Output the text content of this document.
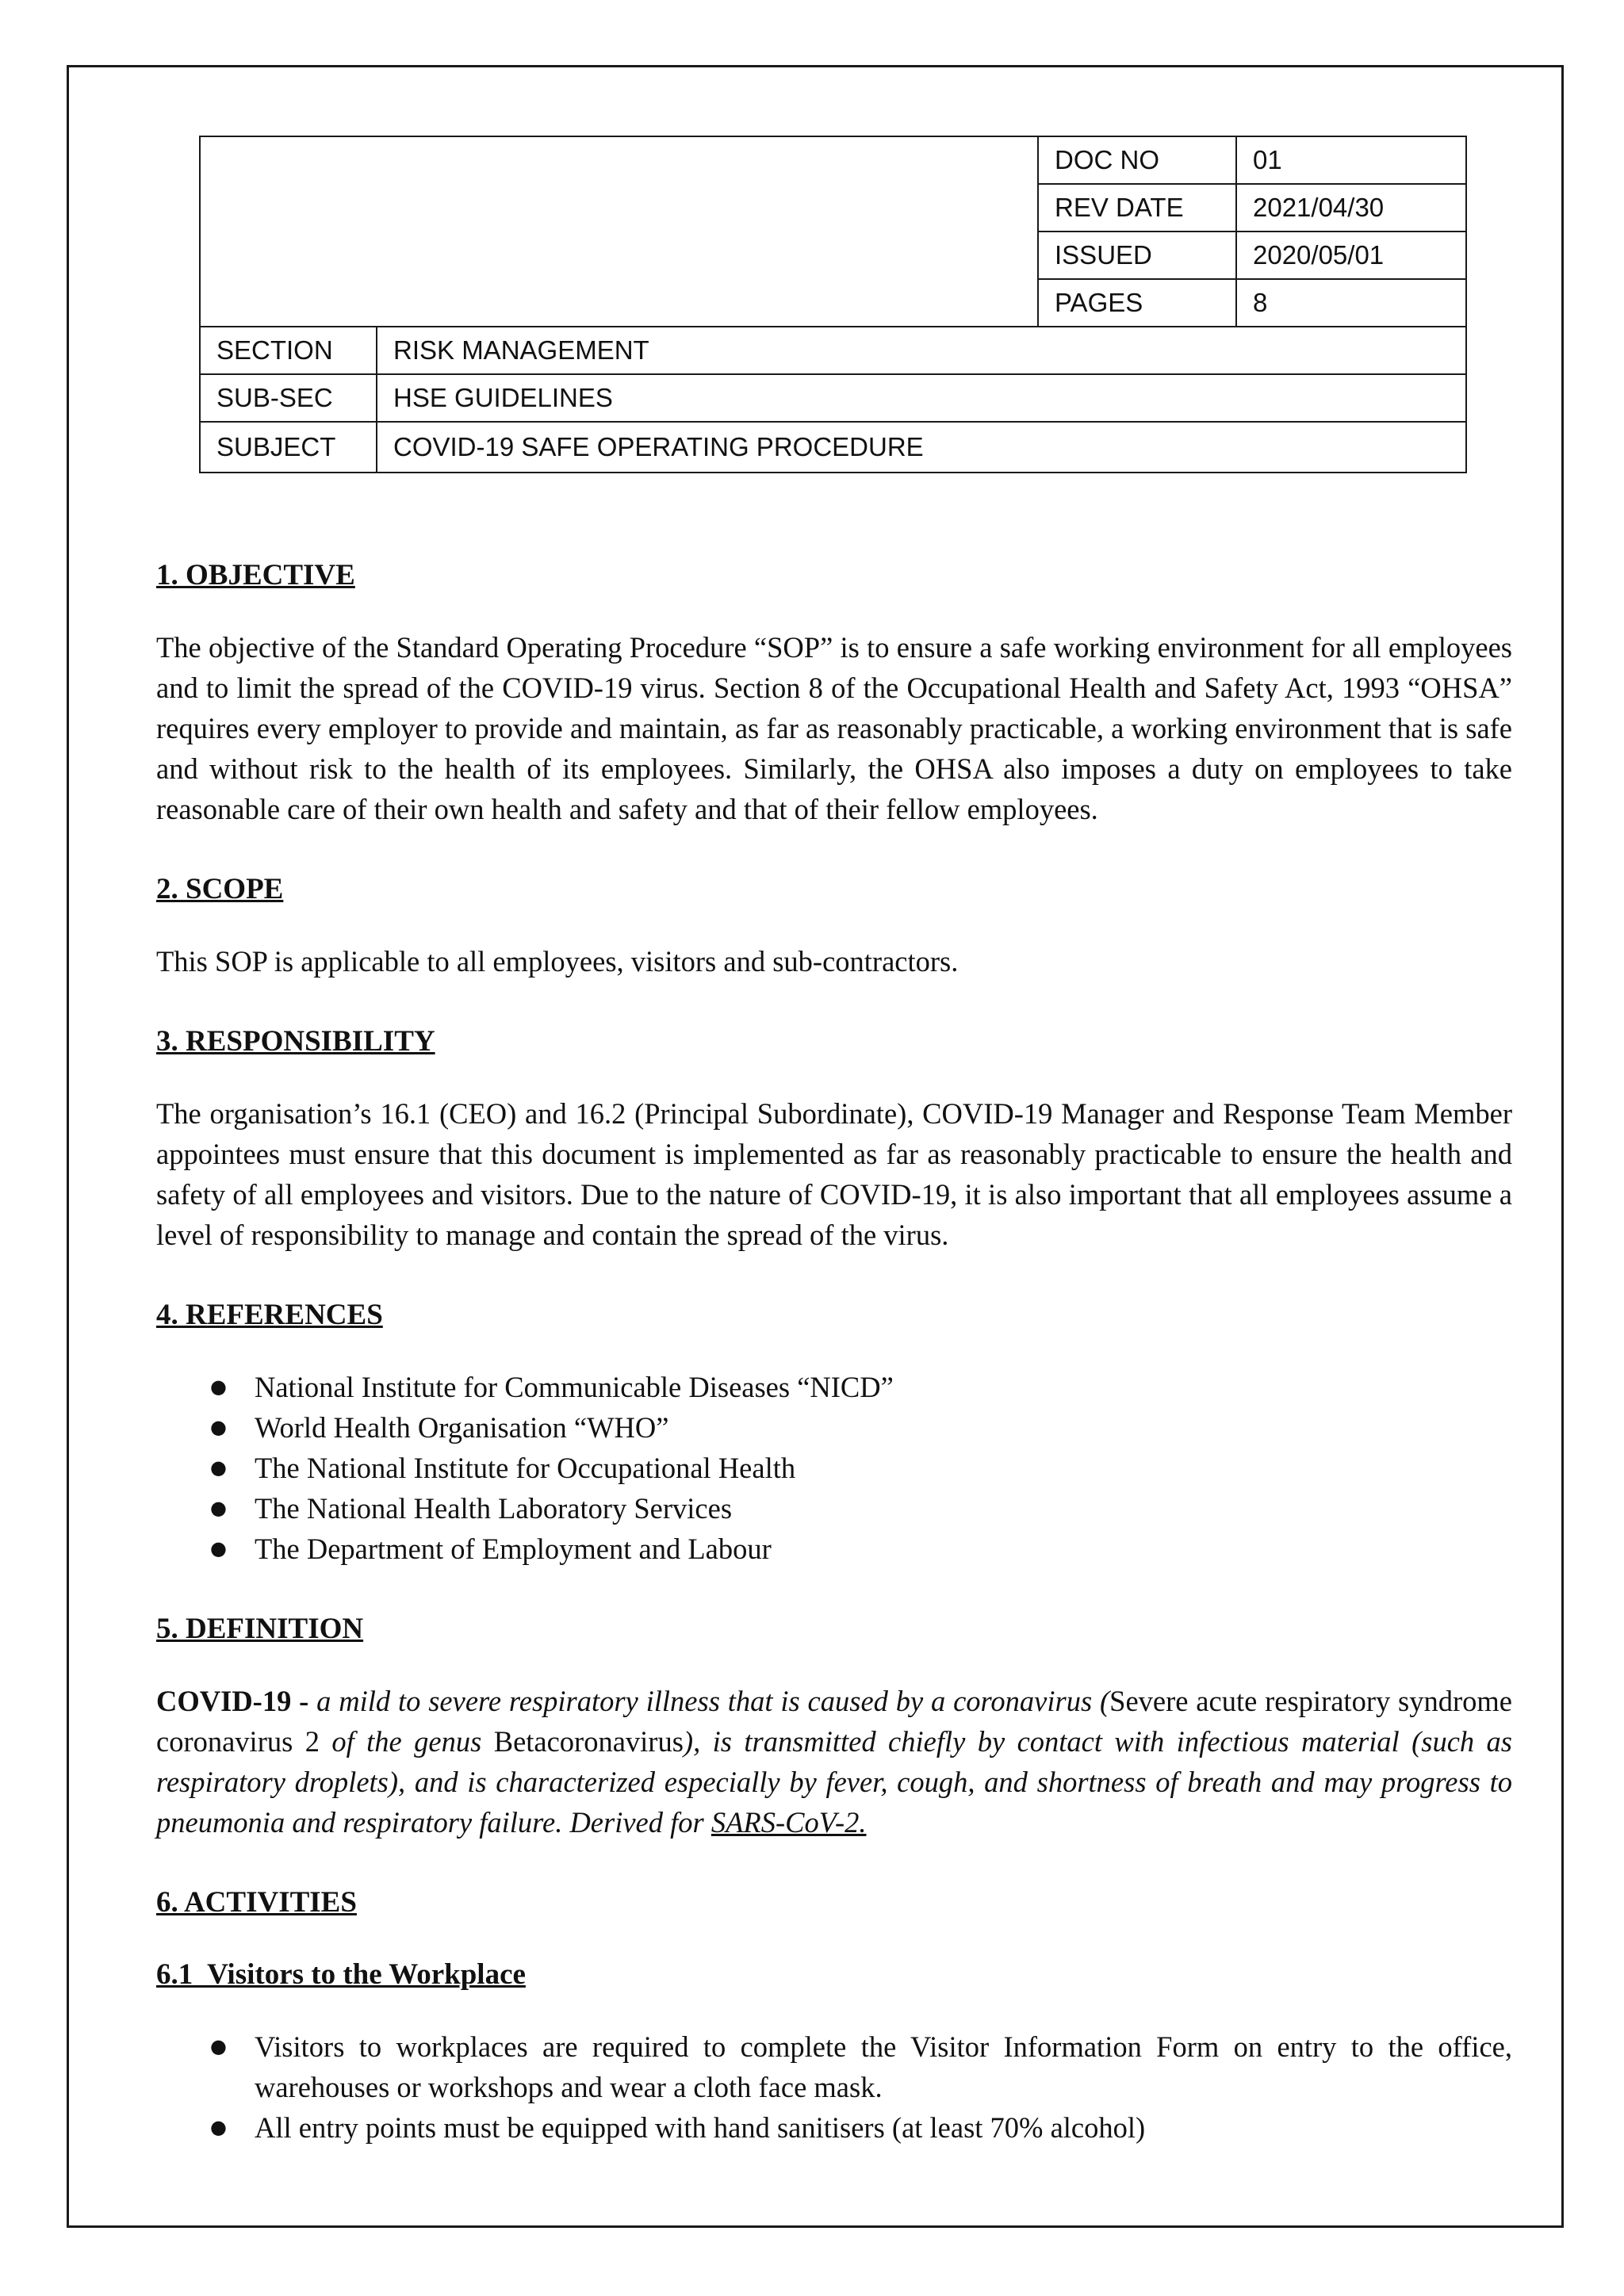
		DOC NO	01
		REV DATE	2021/04/30
		ISSUED	2020/05/01
		PAGES	8
SECTION	RISK MANAGEMENT		
SUB-SEC	HSE GUIDELINES		
SUBJECT	COVID-19 SAFE OPERATING PROCEDURE		

1. OBJECTIVE

The objective of the Standard Operating Procedure “SOP” is to ensure a safe working environment for all employees and to limit the spread of the COVID-19 virus. Section 8 of the Occupational Health and Safety Act, 1993 “OHSA” requires every employer to provide and maintain, as far as reasonably practicable, a working environment that is safe and without risk to the health of its employees. Similarly, the OHSA also imposes a duty on employees to take reasonable care of their own health and safety and that of their fellow employees.

2. SCOPE

This SOP is applicable to all employees, visitors and sub-contractors.

3. RESPONSIBILITY

The organisation’s 16.1 (CEO) and 16.2 (Principal Subordinate), COVID-19 Manager and Response Team Member appointees must ensure that this document is implemented as far as reasonably practicable to ensure the health and safety of all employees and visitors. Due to the nature of COVID-19, it is also important that all employees assume a level of responsibility to manage and contain the spread of the virus.

4. REFERENCES

● National Institute for Communicable Diseases “NICD”
● World Health Organisation “WHO”
● The National Institute for Occupational Health
● The National Health Laboratory Services
● The Department of Employment and Labour

5. DEFINITION

COVID-19 - a mild to severe respiratory illness that is caused by a coronavirus (Severe acute respiratory syndrome coronavirus 2 of the genus Betacoronavirus), is transmitted chiefly by contact with infectious material (such as respiratory droplets), and is characterized especially by fever, cough, and shortness of breath and may progress to pneumonia and respiratory failure. Derived for SARS-CoV-2.

6. ACTIVITIES

6.1  Visitors to the Workplace

● Visitors to workplaces are required to complete the Visitor Information Form on entry to the office, warehouses or workshops and wear a cloth face mask.
● All entry points must be equipped with hand sanitisers (at least 70% alcohol)
